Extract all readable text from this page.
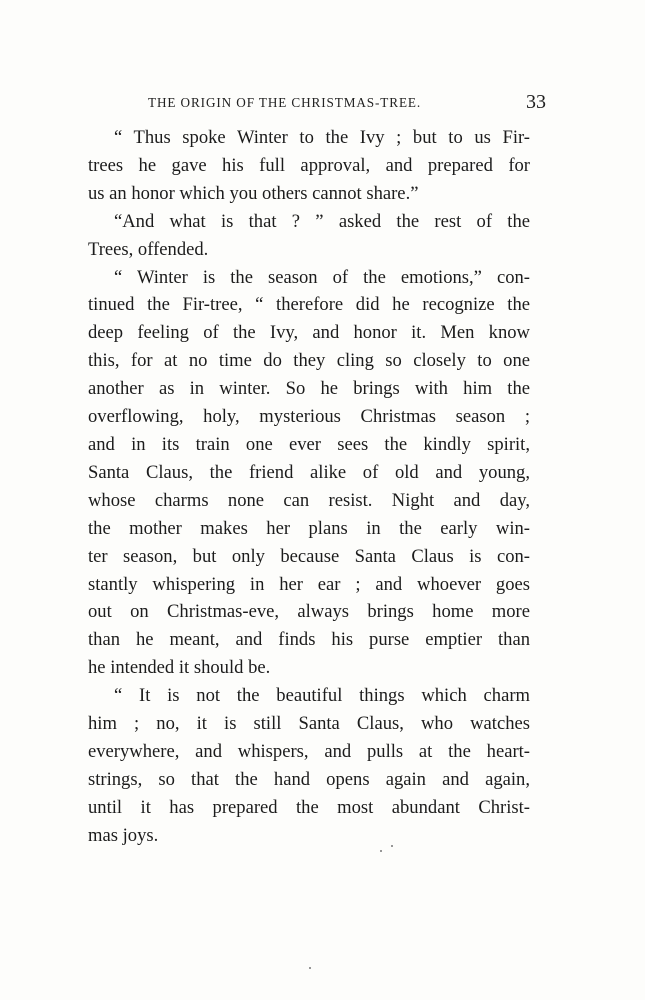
THE ORIGIN OF THE CHRISTMAS-TREE.	33

“ Thus spoke Winter to the Ivy ; but to us Fir-
trees he gave his full approval, and prepared for
us an honor which you others cannot share.”

“And what is that ? ” asked the rest of the
Trees, offended.

“ Winter is the season of the emotions,” con-
tinued the Fir-tree, “ therefore did he recognize the
deep feeling of the Ivy, and honor it. Men know
this, for at no time do they cling so closely to one
another as in winter. So he brings with him the
overflowing, holy, mysterious Christmas season ;
and in its train one ever sees the kindly spirit,
Santa Claus, the friend alike of old and young,
whose charms none can resist. Night and day,
the mother makes her plans in the early win-
ter season, but only because Santa Claus is con-
stantly whispering in her ear ; and whoever goes
out on Christmas-eve, always brings home more
than he meant, and finds his purse emptier than
he intended it should be.

“ It is not the beautiful things which charm
him ; no, it is still Santa Claus, who watches
everywhere, and whispers, and pulls at the heart-
strings, so that the hand opens again and again,
until it has prepared the most abundant Christ-
mas joys.
